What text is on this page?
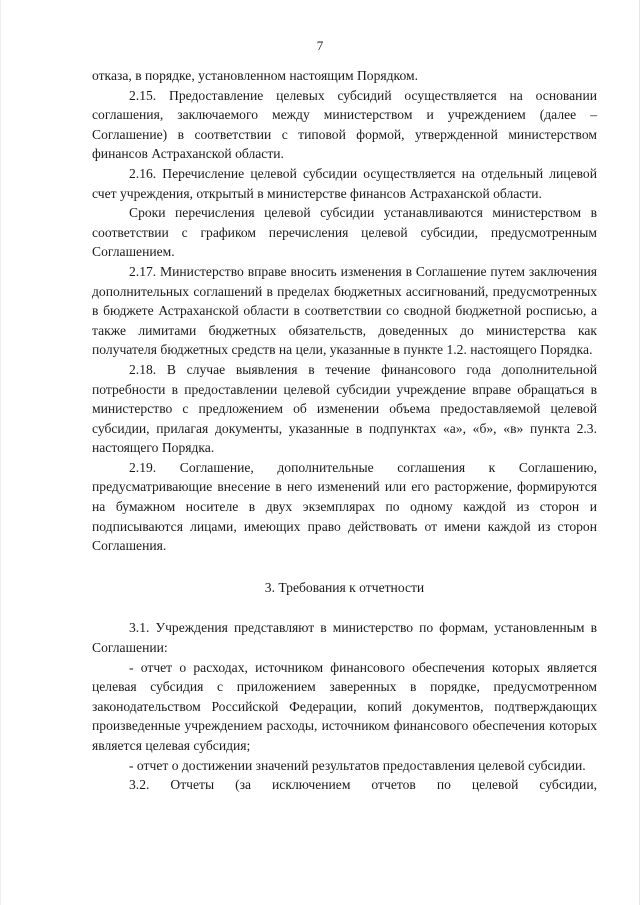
7

отказа, в порядке, установленном настоящим Порядком.

2.15. Предоставление целевых субсидий осуществляется на основании соглашения, заключаемого между министерством и учреждением (далее – Соглашение) в соответствии с типовой формой, утвержденной министерством финансов Астраханской области.

2.16. Перечисление целевой субсидии осуществляется на отдельный лицевой счет учреждения, открытый в министерстве финансов Астраханской области.

Сроки перечисления целевой субсидии устанавливаются министерством в соответствии с графиком перечисления целевой субсидии, предусмотренным Соглашением.

2.17. Министерство вправе вносить изменения в Соглашение путем заключения дополнительных соглашений в пределах бюджетных ассигнований, предусмотренных в бюджете Астраханской области в соответствии со сводной бюджетной росписью, а также лимитами бюджетных обязательств, доведенных до министерства как получателя бюджетных средств на цели, указанные в пункте 1.2. настоящего Порядка.

2.18. В случае выявления в течение финансового года дополнительной потребности в предоставлении целевой субсидии учреждение вправе обращаться в министерство с предложением об изменении объема предоставляемой целевой субсидии, прилагая документы, указанные в подпунктах «а», «б», «в» пункта 2.3. настоящего Порядка.

2.19. Соглашение, дополнительные соглашения к Соглашению, предусматривающие внесение в него изменений или его расторжение, формируются на бумажном носителе в двух экземплярах по одному каждой из сторон и подписываются лицами, имеющих право действовать от имени каждой из сторон Соглашения.

3. Требования к отчетности

3.1. Учреждения представляют в министерство по формам, установленным в Соглашении:

- отчет о расходах, источником финансового обеспечения которых является целевая субсидия с приложением заверенных в порядке, предусмотренном законодательством Российской Федерации, копий документов, подтверждающих произведенные учреждением расходы, источником финансового обеспечения которых является целевая субсидия;

- отчет о достижении значений результатов предоставления целевой субсидии.

3.2. Отчеты (за исключением отчетов по целевой субсидии,
